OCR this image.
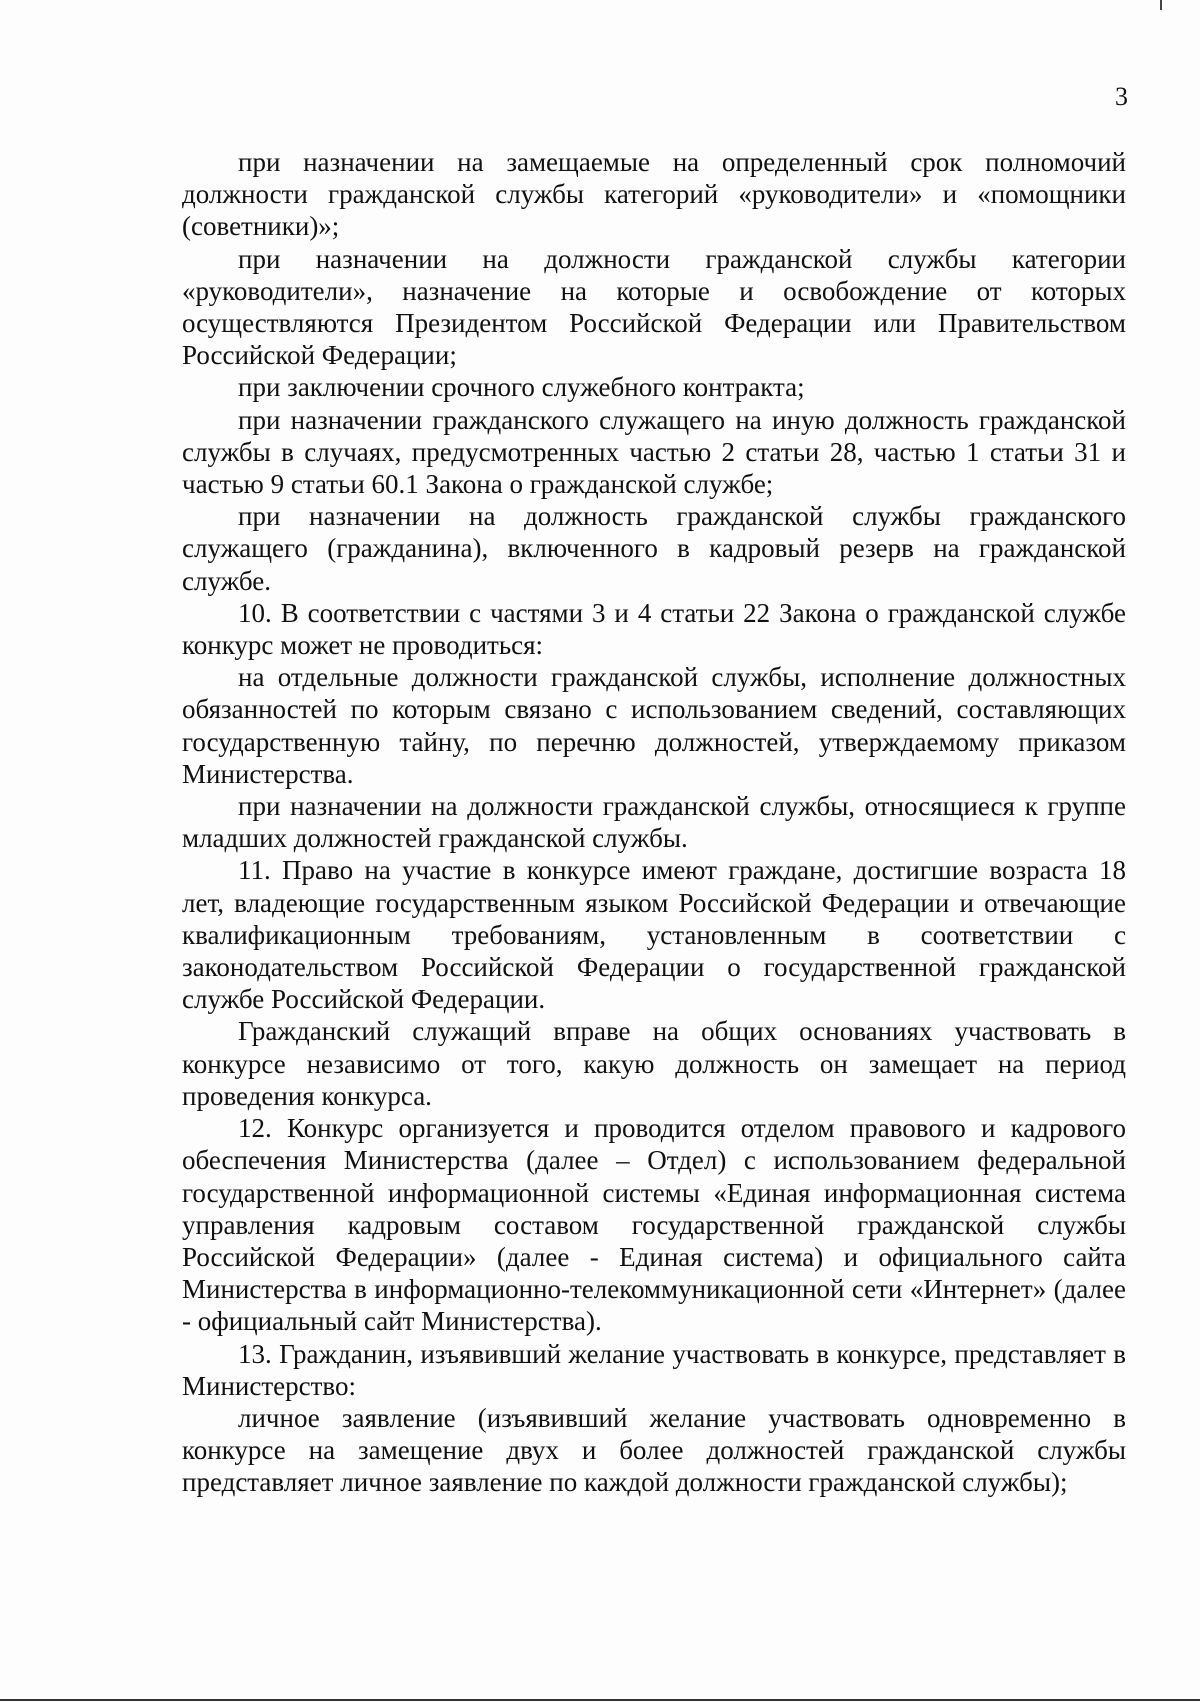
3

при назначении на замещаемые на определенный срок полномочий должности гражданской службы категорий «руководители» и «помощники (советники)»;

при назначении на должности гражданской службы категории «руководители», назначение на которые и освобождение от которых осуществляются Президентом Российской Федерации или Правительством Российской Федерации;

при заключении срочного служебного контракта;

при назначении гражданского служащего на иную должность гражданской службы в случаях, предусмотренных частью 2 статьи 28, частью 1 статьи 31 и частью 9 статьи 60.1 Закона о гражданской службе;

при назначении на должность гражданской службы гражданского служащего (гражданина), включенного в кадровый резерв на гражданской службе.

10. В соответствии с частями 3 и 4 статьи 22 Закона о гражданской службе конкурс может не проводиться:

на отдельные должности гражданской службы, исполнение должностных обязанностей по которым связано с использованием сведений, составляющих государственную тайну, по перечню должностей, утверждаемому приказом Министерства.

при назначении на должности гражданской службы, относящиеся к группе младших должностей гражданской службы.

11. Право на участие в конкурсе имеют граждане, достигшие возраста 18 лет, владеющие государственным языком Российской Федерации и отвечающие квалификационным требованиям, установленным в соответствии с законодательством Российской Федерации о государственной гражданской службе Российской Федерации.

Гражданский служащий вправе на общих основаниях участвовать в конкурсе независимо от того, какую должность он замещает на период проведения конкурса.

12. Конкурс организуется и проводится отделом правового и кадрового обеспечения Министерства (далее – Отдел) с использованием федеральной государственной информационной системы «Единая информационная система управления кадровым составом государственной гражданской службы Российской Федерации» (далее - Единая система) и официального сайта Министерства в информационно-телекоммуникационной сети «Интернет» (далее - официальный сайт Министерства).

13. Гражданин, изъявивший желание участвовать в конкурсе, представляет в Министерство:

личное заявление (изъявивший желание участвовать одновременно в конкурсе на замещение двух и более должностей гражданской службы представляет личное заявление по каждой должности гражданской службы);
